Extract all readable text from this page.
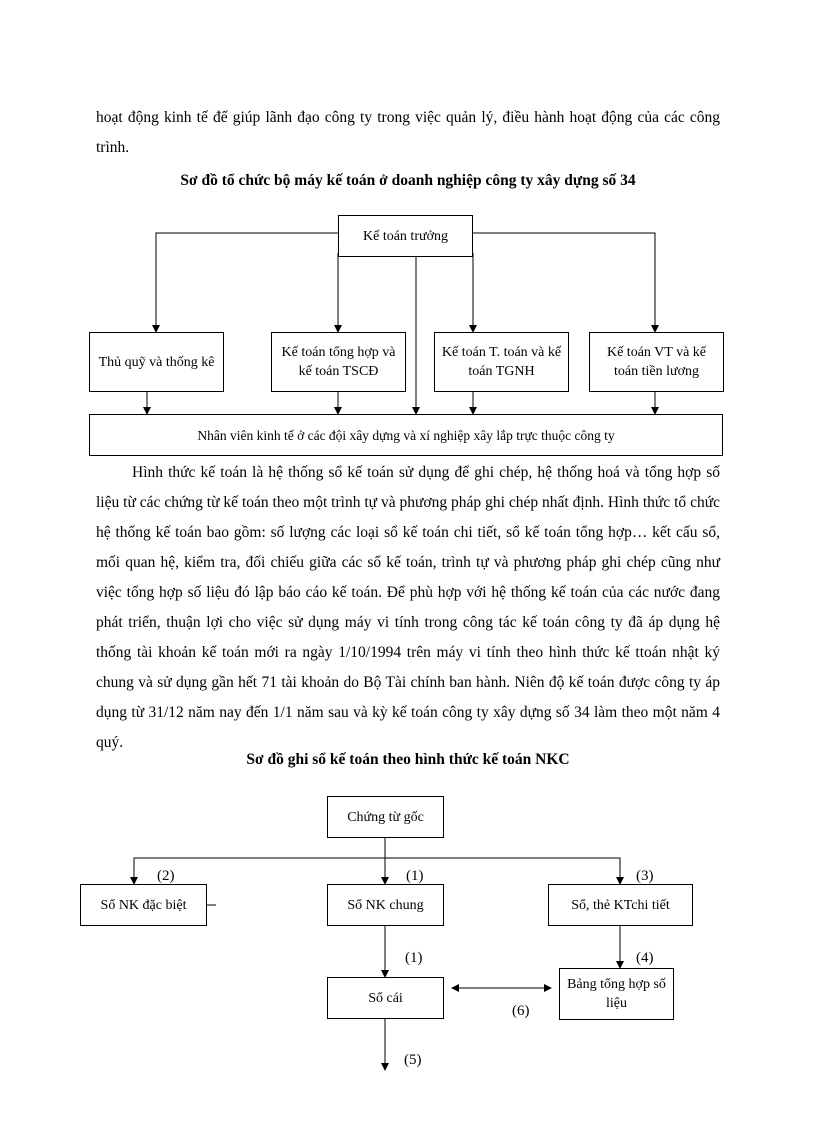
hoạt động kinh tế để giúp lãnh đạo công ty trong việc quản lý, điều hành hoạt động của các công trình.

Sơ đồ tổ chức bộ máy kế toán ở doanh nghiệp công ty xây dựng số 34

Kế toán trưởng
Thủ quỹ và thống kê
Kế toán tổng hợp và kế toán TSCĐ
Kế toán T. toán và kế toán TGNH
Kế toán VT và kế toán tiền lương
Nhân viên kinh tế ở các đội xây dựng và xí nghiệp xây lắp trực thuộc công ty

Hình thức kế toán là hệ thống sổ kế toán sử dụng để ghi chép, hệ thống hoá và tổng hợp số liệu từ các chứng từ kế toán theo một trình tự và phương pháp ghi chép nhất định. Hình thức tổ chức hệ thống kế toán bao gồm: số lượng các loại sổ kế toán chi tiết, sổ kế toán tổng hợp… kết cấu sổ, mối quan hệ, kiểm tra, đối chiếu giữa các sổ kế toán, trình tự và phương pháp ghi chép cũng như việc tổng hợp số liệu đó lập báo cáo kế toán. Để phù hợp với hệ thống kế toán của các nước đang phát triển, thuận lợi cho việc sử dụng máy vi tính trong công tác kế toán công ty đã áp dụng hệ thống tài khoản kế toán mới ra ngày 1/10/1994 trên máy vi tính theo hình thức kế ttoán nhật ký chung và sử dụng gần hết 71 tài khoản do Bộ Tài chính ban hành. Niên độ kế toán được công ty áp dụng từ 31/12 năm nay đến 1/1 năm sau và kỳ kế toán công ty xây dựng số 34 làm theo một năm 4 quý.

Sơ đồ ghi sổ kế toán theo hình thức kế toán NKC

Chứng từ gốc
Sổ NK đặc biệt	Sổ NK chung	Sổ, thẻ KTchi tiết
Sổ cái
Bảng tổng hợp số liệu
(1)
(2)	(3)
(1)	(4)
(5)
(6)
